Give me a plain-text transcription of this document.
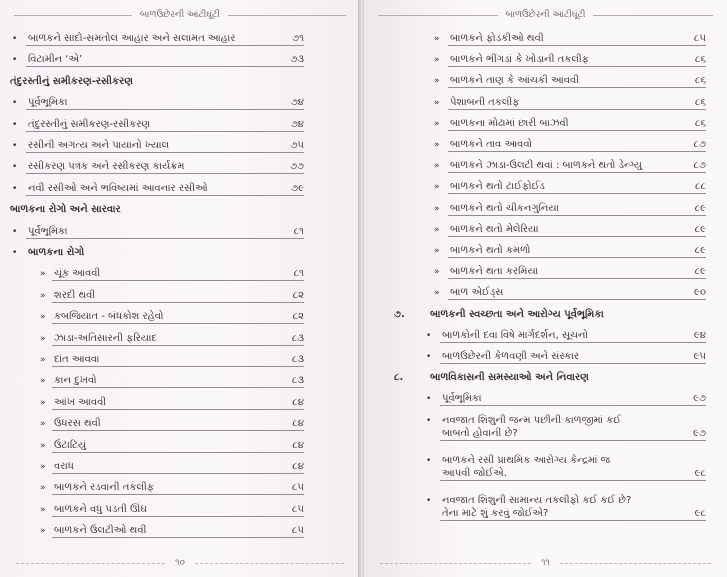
બાળઉછેરની આંટીઘૂંટી
• બાળકને સાદો-સમતોલ આહાર અને સલામત આહાર	૭૧
• વિટામીન ‘એ’	૭૩
તંદુરસ્તીનું સમીકરણ-રસીકરણ
• પૂર્વભૂમિકા	૭૪
• તંદુરસ્તીનું સમીકરણ-રસીકરણ	૭૪
• રસીની અગત્ય અને પાયાનો ખ્યાલ	૭૫
• રસીકરણ પત્રક અને રસીકરણ કાર્યક્રમ	૭૭
• નવી રસીઓ અને ભવિષ્યમાં આવનાર રસીઓ	૭૯
બાળકના રોગો અને સારવાર
• પૂર્વભૂમિકા	૮૧
• બાળકના રોગો
» ચૂંક આવવી	૮૧
» શરદી થવી	૮૨
» કબજિયાત - બંધકોશ રહેવો	૮૨
» ઝાડા-અતિસારની ફરિયાદ	૮૩
» દાંત આવવા	૮૩
» કાન દુખવો	૮૩
» આંખ આવવી	૮૪
» ઉધરસ થવી	૮૪
» ઉંટાટિયું	૮૪
» વરાધ	૮૪
» બાળકને રડવાની તકલીફ	૮૫
» બાળકને વધુ પડતી ઊંઘ	૮૫
» બાળકને ઉલટીઓ થવી	૮૫
૧૦
બાળઉછેરની આંટીઘૂંટી
» બાળકને ફોડકીઓ થવી	૮૫
» બાળકને ભીંગડાં કે ખોડાની તકલીફ	૮૬
» બાળકને તાણ કે આંચકી આવવી	૮૬
» પેશાબની તકલીફ	૮૬
» બાળકના મોઢામાં છારી બાઝવી	૮૬
» બાળકને તાવ આવવો	૮૭
» બાળકને ઝાડા-ઉલટી થવાં : બાળકને થતો ડેન્ગ્યુ	૮૭
» બાળકને થતો ટાઈફોઈડ	૮૮
» બાળકને થતો ચીકનગુનિયા	૮૯
» બાળકને થતો મેલેરિયા	૮૯
» બાળકને થતો કમળો	૮૯
» બાળકને થતા કરમિયા	૮૯
» બાળ એઈડ્સ	૯૦
૭.	બાળકની સ્વચ્છતા અને આરોગ્ય પૂર્વભૂમિકા
• બાળકોની દવા વિષે માર્ગદર્શન, સૂચનો	૯૪
• બાળઉછેરની કેળવણી અને સંસ્કાર	૯૫
૮.	બાળવિકાસની સમસ્યાઓ અને નિવારણ
• પૂર્વભૂમિકા	૯૭
• નવજાત શિશુની જન્મ પછીની કાળજીમાં કઈ
બાબતો હોવાની છે?	૯૭
• બાળકને રસી પ્રાથમિક આરોગ્ય કેન્દ્રમાં જ
આપવી જોઈએ.	૯૮
• નવજાત શિશુની સામાન્ય તકલીફો કઈ કઈ છે?
તેના માટે શું કરવું જોઈએ?	૯૮
૧૧
